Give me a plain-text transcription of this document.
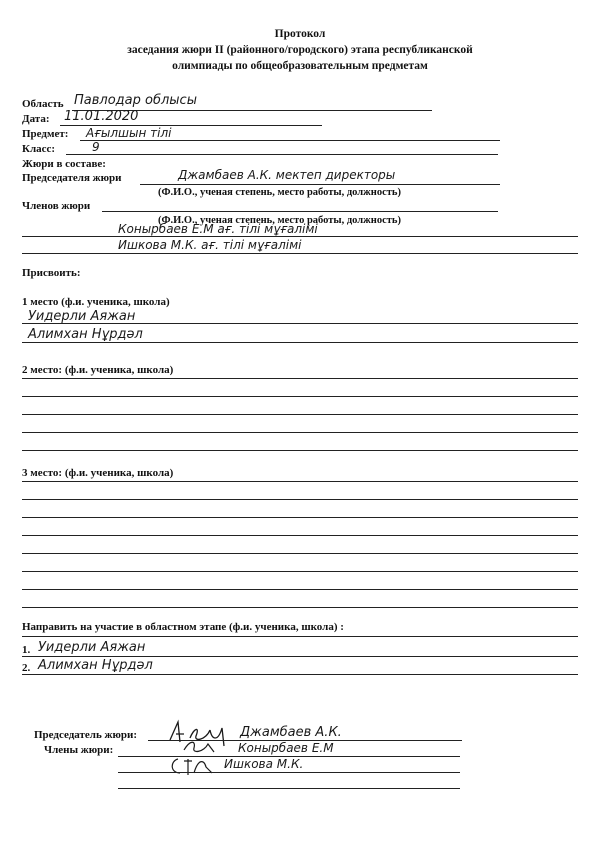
Протокол
заседания жюри II (районного/городского) этапа республиканской
олимпиады по общеобразовательным предметам
Область Павлодар облысы
Дата: 11.01.2020
Предмет: Ағылшын тілі
Класс:	9
Жюри в составе:
Председателя жюри	Джамбаев А.К. мектеп директоры
(Ф.И.О., ученая степень, место работы, должность)
Членов жюри
(Ф.И.О., ученая степень, место работы, должность)
Конырбаев Е.М ағ. тілі мұғалімі
Ишкова М.К. ағ. тілі мұғалімі
Присвоить:
1 место (ф.и. ученика, школа)
Уидерли Аяжан
Алимхан Нұрдәл
2 место: (ф.и. ученика, школа)
3 место: (ф.и. ученика, школа)
Направить на участие в областном этапе (ф.и. ученика, школа) :
1. Уидерли Аяжан
2. Алимхан Нұрдәл
Председатель жюри:	Джамбаев А.К.
Члены жюри:	Конырбаев Е.М
Ишкова М.К.
